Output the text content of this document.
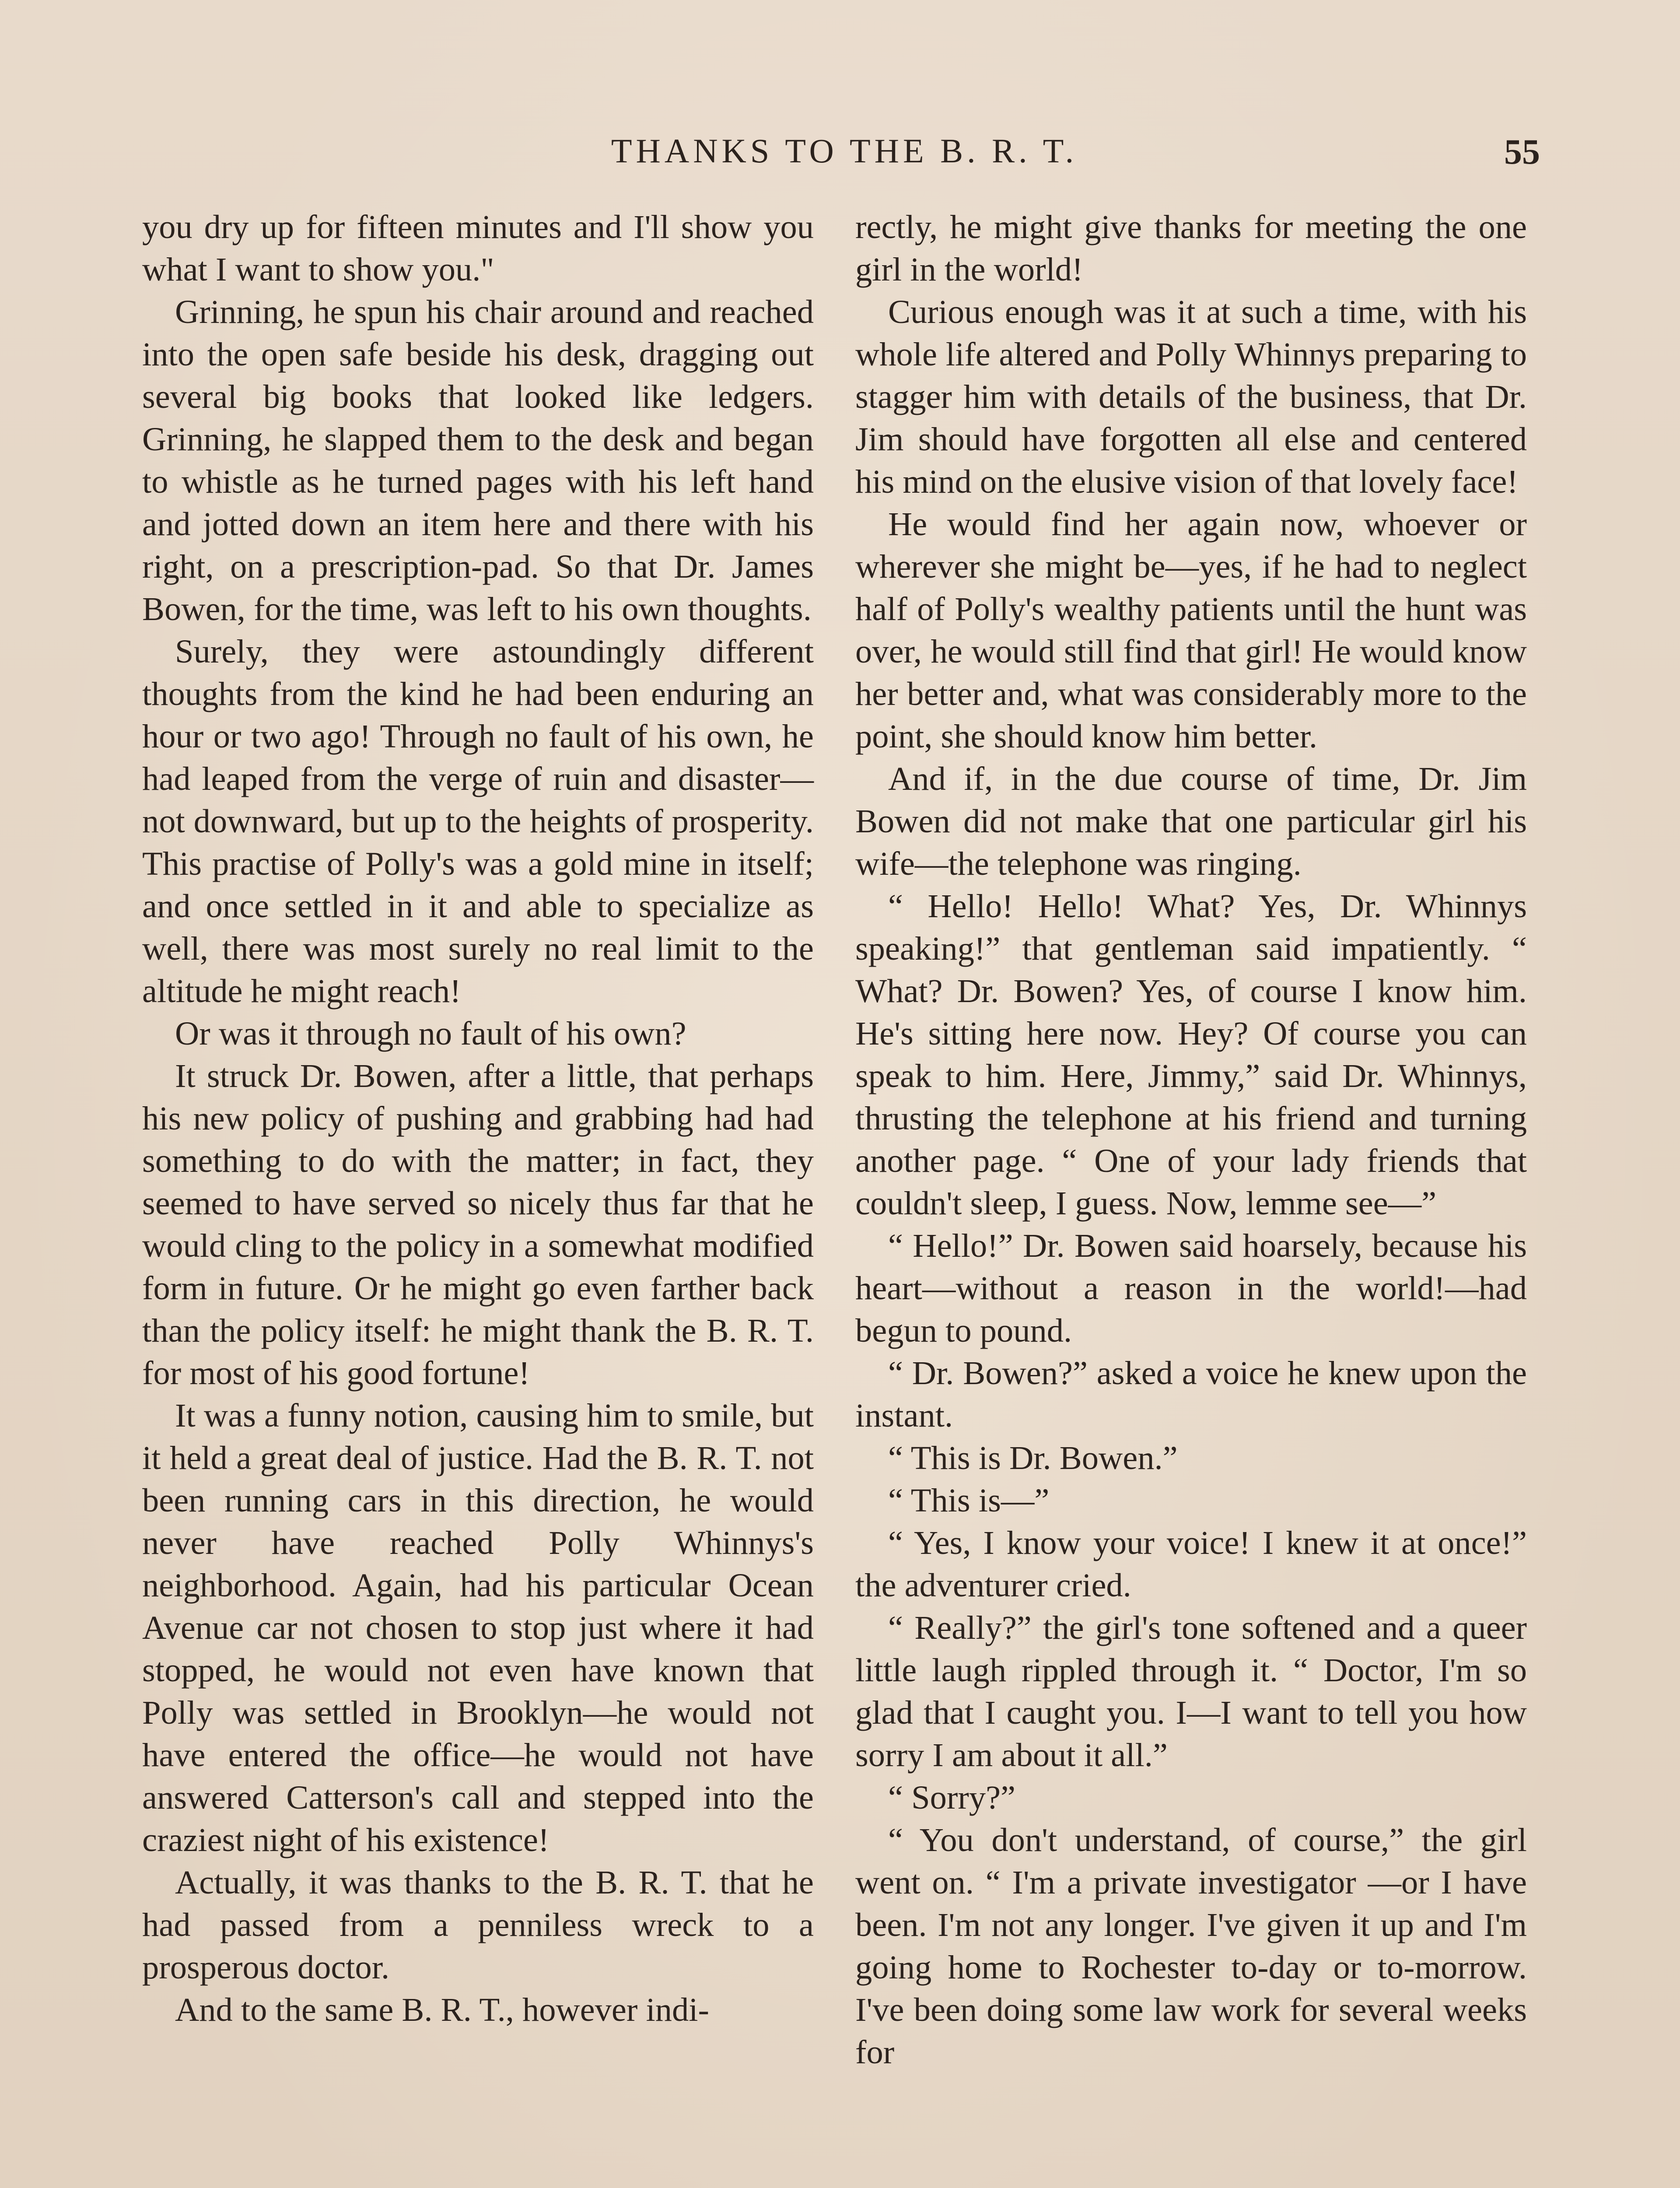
THANKS TO THE B. R. T.	55

you dry up for fifteen minutes and I'll show you what I want to show you."

Grinning, he spun his chair around and reached into the open safe beside his desk, dragging out several big books that looked like ledgers. Grinning, he slapped them to the desk and began to whistle as he turned pages with his left hand and jotted down an item here and there with his right, on a prescription-pad. So that Dr. James Bowen, for the time, was left to his own thoughts.

Surely, they were astoundingly different thoughts from the kind he had been enduring an hour or two ago! Through no fault of his own, he had leaped from the verge of ruin and disaster—not downward, but up to the heights of prosperity. This practise of Polly's was a gold mine in itself; and once settled in it and able to specialize as well, there was most surely no real limit to the altitude he might reach!

Or was it through no fault of his own?

It struck Dr. Bowen, after a little, that perhaps his new policy of pushing and grabbing had had something to do with the matter; in fact, they seemed to have served so nicely thus far that he would cling to the policy in a somewhat modified form in future. Or he might go even farther back than the policy itself: he might thank the B. R. T. for most of his good fortune!

It was a funny notion, causing him to smile, but it held a great deal of justice. Had the B. R. T. not been running cars in this direction, he would never have reached Polly Whinnys's neighborhood. Again, had his particular Ocean Avenue car not chosen to stop just where it had stopped, he would not even have known that Polly was settled in Brooklyn—he would not have entered the office—he would not have answered Catterson's call and stepped into the craziest night of his existence!

Actually, it was thanks to the B. R. T. that he had passed from a penniless wreck to a prosperous doctor.

And to the same B. R. T., however indi-

rectly, he might give thanks for meeting the one girl in the world!

Curious enough was it at such a time, with his whole life altered and Polly Whinnys preparing to stagger him with details of the business, that Dr. Jim should have forgotten all else and centered his mind on the elusive vision of that lovely face!

He would find her again now, whoever or wherever she might be—yes, if he had to neglect half of Polly's wealthy patients until the hunt was over, he would still find that girl! He would know her better and, what was considerably more to the point, she should know him better.

And if, in the due course of time, Dr. Jim Bowen did not make that one particular girl his wife—the telephone was ringing.

“ Hello! Hello! What? Yes, Dr. Whinnys speaking!” that gentleman said impatiently. “ What? Dr. Bowen? Yes, of course I know him. He's sitting here now. Hey? Of course you can speak to him. Here, Jimmy,” said Dr. Whinnys, thrusting the telephone at his friend and turning another page. “ One of your lady friends that couldn't sleep, I guess. Now, lemme see—”

“ Hello!” Dr. Bowen said hoarsely, because his heart—without a reason in the world!—had begun to pound.

“ Dr. Bowen?” asked a voice he knew upon the instant.

“ This is Dr. Bowen.”

“ This is—”

“ Yes, I know your voice! I knew it at once!” the adventurer cried.

“ Really?” the girl's tone softened and a queer little laugh rippled through it. “ Doctor, I'm so glad that I caught you. I—I want to tell you how sorry I am about it all.”

“ Sorry?”

“ You don't understand, of course,” the girl went on. “ I'm a private investigator —or I have been. I'm not any longer. I've given it up and I'm going home to Rochester to-day or to-morrow. I've been doing some law work for several weeks for
